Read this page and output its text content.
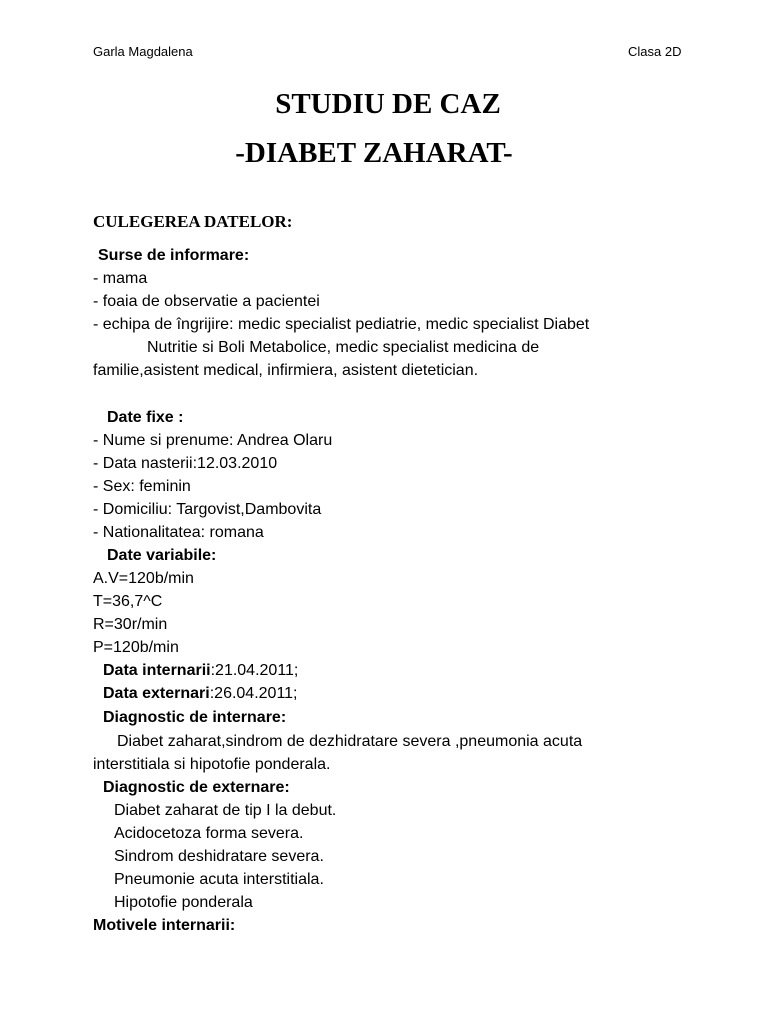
Garla Magdalena	Clasa 2D
STUDIU DE CAZ
-DIABET ZAHARAT-
CULEGEREA DATELOR:
Surse de informare:
- mama
- foaia de observatie a pacientei
- echipa de îngrijire: medic specialist pediatrie, medic specialist Diabet
Nutritie si Boli Metabolice, medic specialist medicina de
familie,asistent medical, infirmiera, asistent dietetician.
Date fixe :
- Nume si prenume: Andrea Olaru
- Data nasterii:12.03.2010
- Sex: feminin
- Domiciliu: Targovist,Dambovita
- Nationalitatea: romana
Date variabile:
A.V=120b/min
T=36,7^C
R=30r/min
P=120b/min
Data internarii:21.04.2011;
Data externari:26.04.2011;
Diagnostic de internare:
Diabet zaharat,sindrom de dezhidratare severa ,pneumonia acuta
interstitiala si hipotofie ponderala.
Diagnostic de externare:
Diabet zaharat de tip I la debut.
Acidocetoza forma severa.
Sindrom deshidratare severa.
Pneumonie acuta interstitiala.
Hipotofie ponderala
Motivele internarii:
